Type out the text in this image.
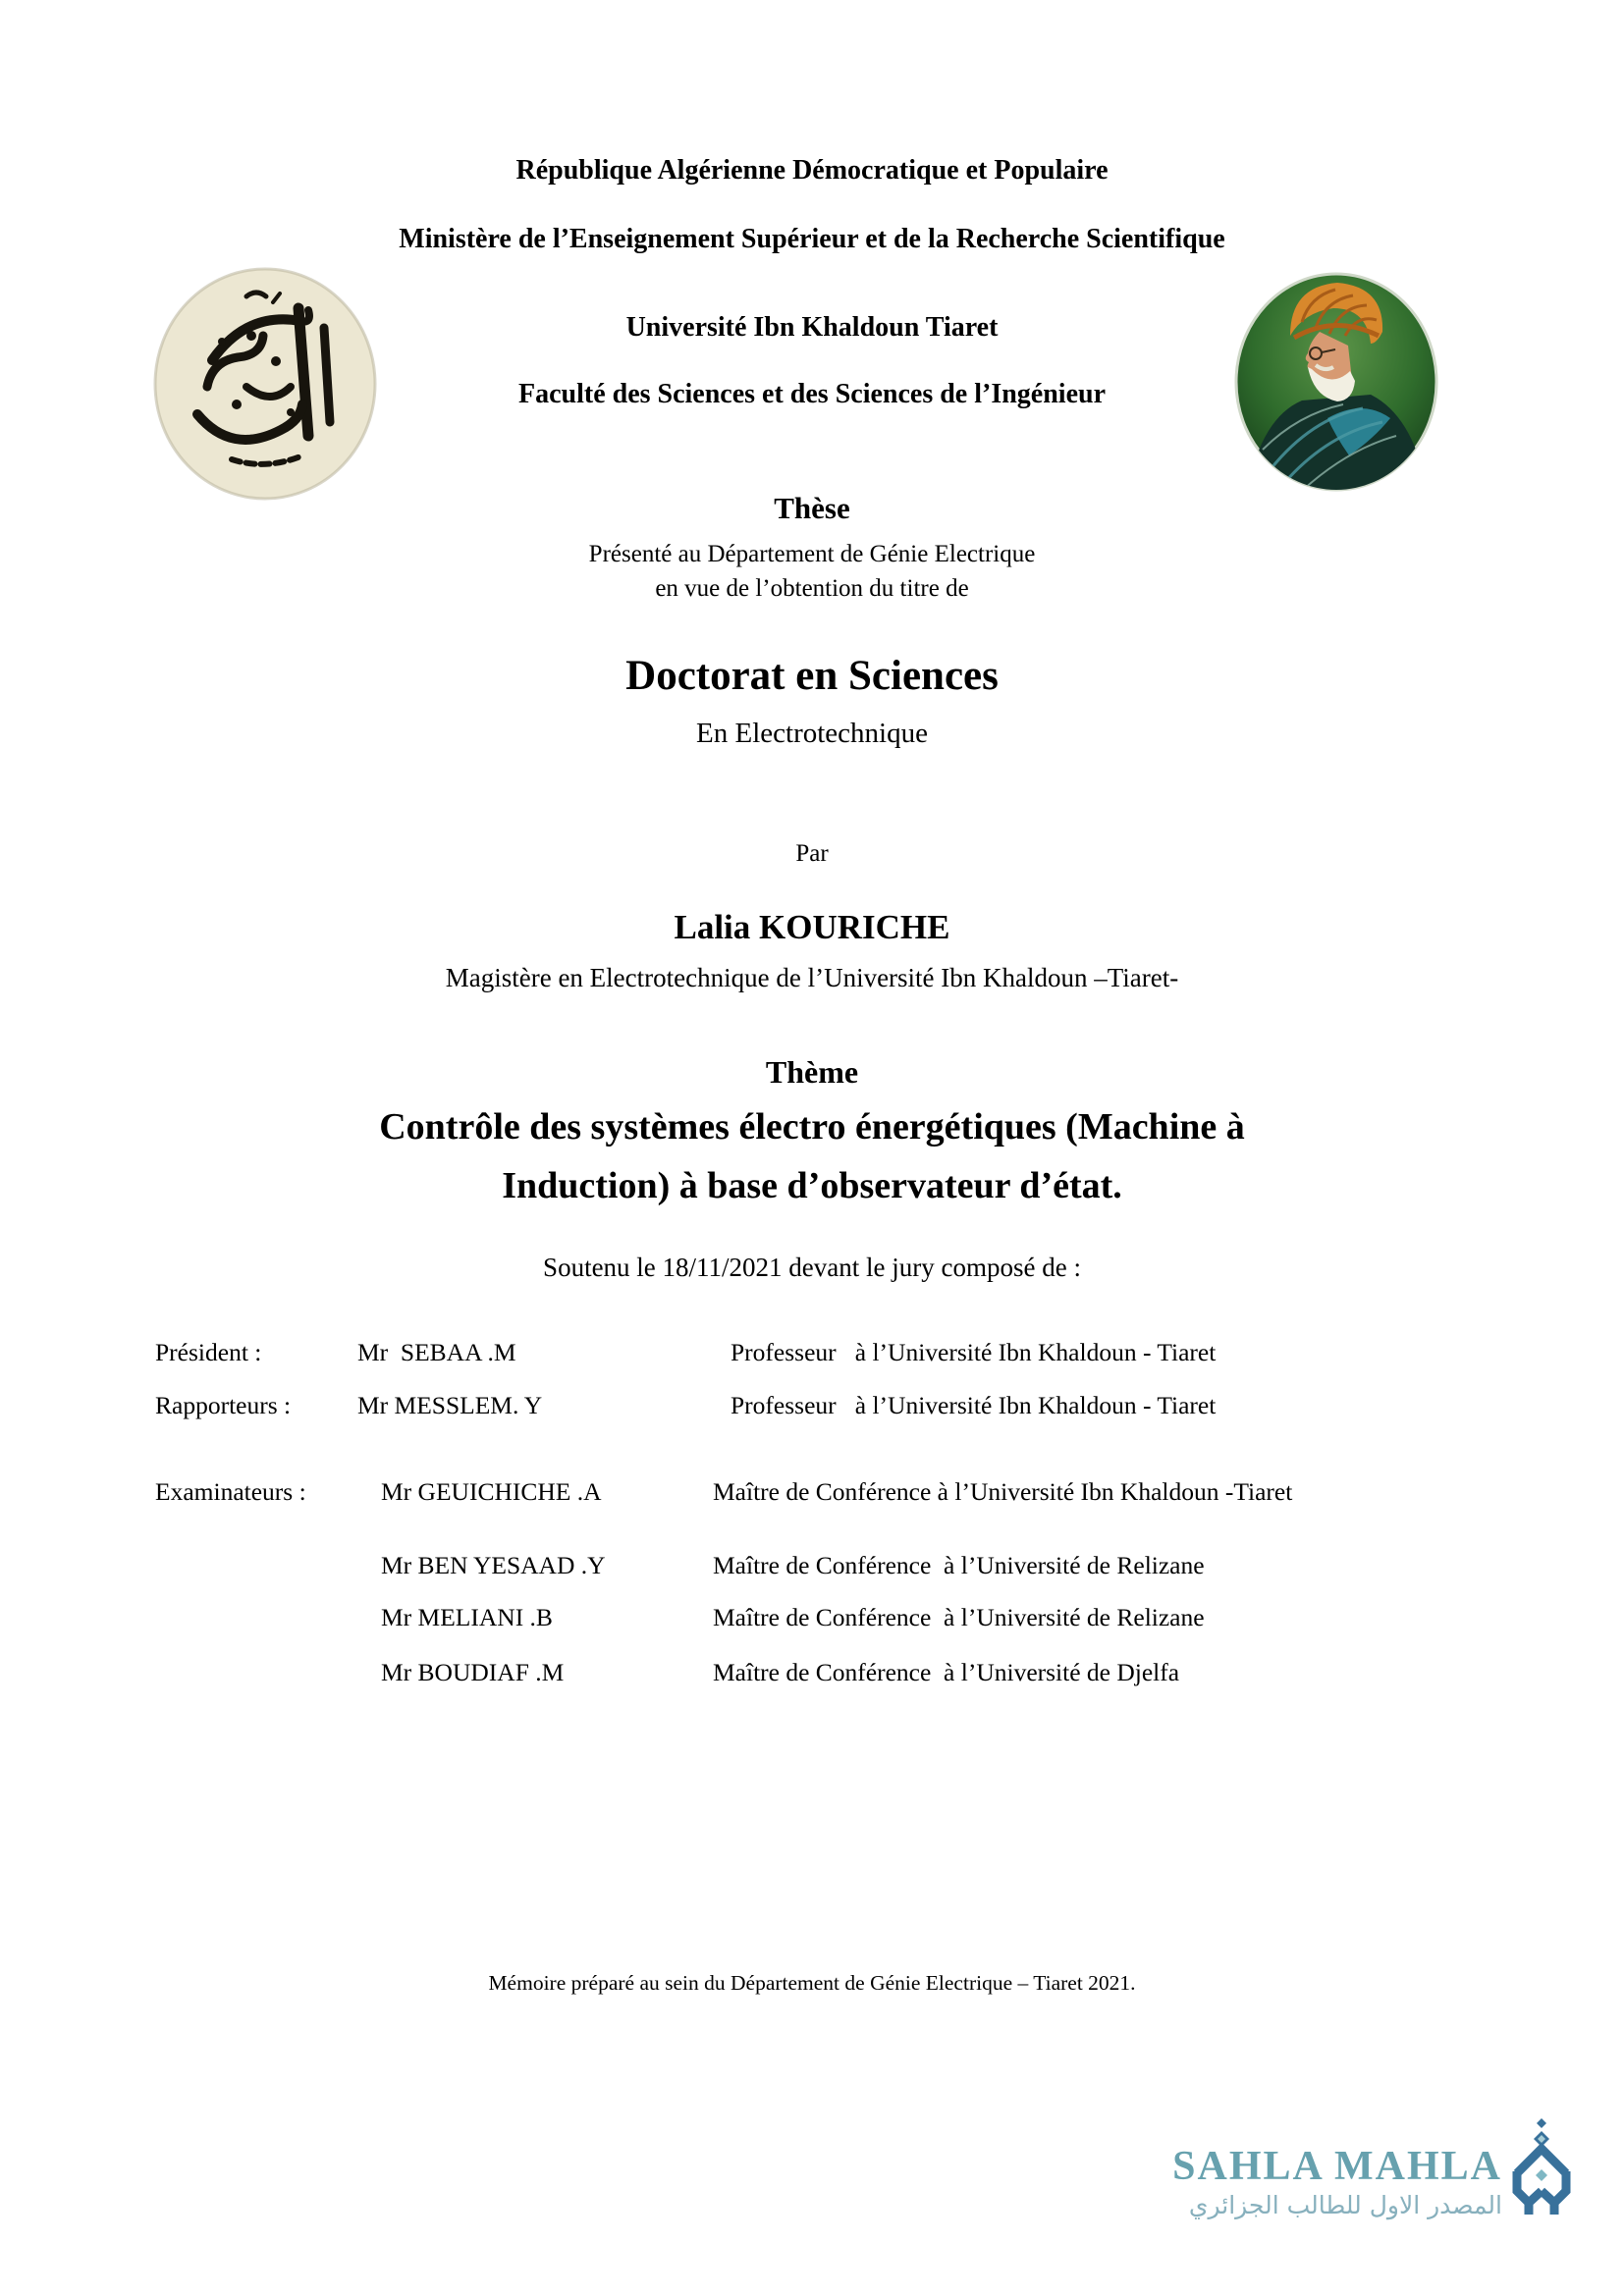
République Algérienne Démocratique et Populaire
Ministère de l’Enseignement Supérieur et de la Recherche Scientifique
Université Ibn Khaldoun Tiaret
Faculté des Sciences et des Sciences de l’Ingénieur
Thèse
Présenté au Département de Génie Electrique
en vue de l’obtention du titre de
Doctorat en Sciences
En Electrotechnique
Par
Lalia KOURICHE
Magistère en Electrotechnique de l’Université Ibn Khaldoun –Tiaret-
Thème
Contrôle des systèmes électro énergétiques (Machine à
Induction) à base d’observateur d’état.
Soutenu le 18/11/2021 devant le jury composé de :
Président :	Mr  SEBAA .M	Professeur   à l’Université Ibn Khaldoun - Tiaret
Rapporteurs :	Mr MESSLEM. Y	Professeur   à l’Université Ibn Khaldoun - Tiaret
Examinateurs :	Mr GEUICHICHE .A	Maître de Conférence à l’Université Ibn Khaldoun -Tiaret
Mr BEN YESAAD .Y	Maître de Conférence  à l’Université de Relizane
Mr MELIANI .B	Maître de Conférence  à l’Université de Relizane
Mr BOUDIAF .M	Maître de Conférence  à l’Université de Djelfa
Mémoire préparé au sein du Département de Génie Electrique – Tiaret 2021.
SAHLA MAHLA
المصدر الاول للطالب الجزائري
